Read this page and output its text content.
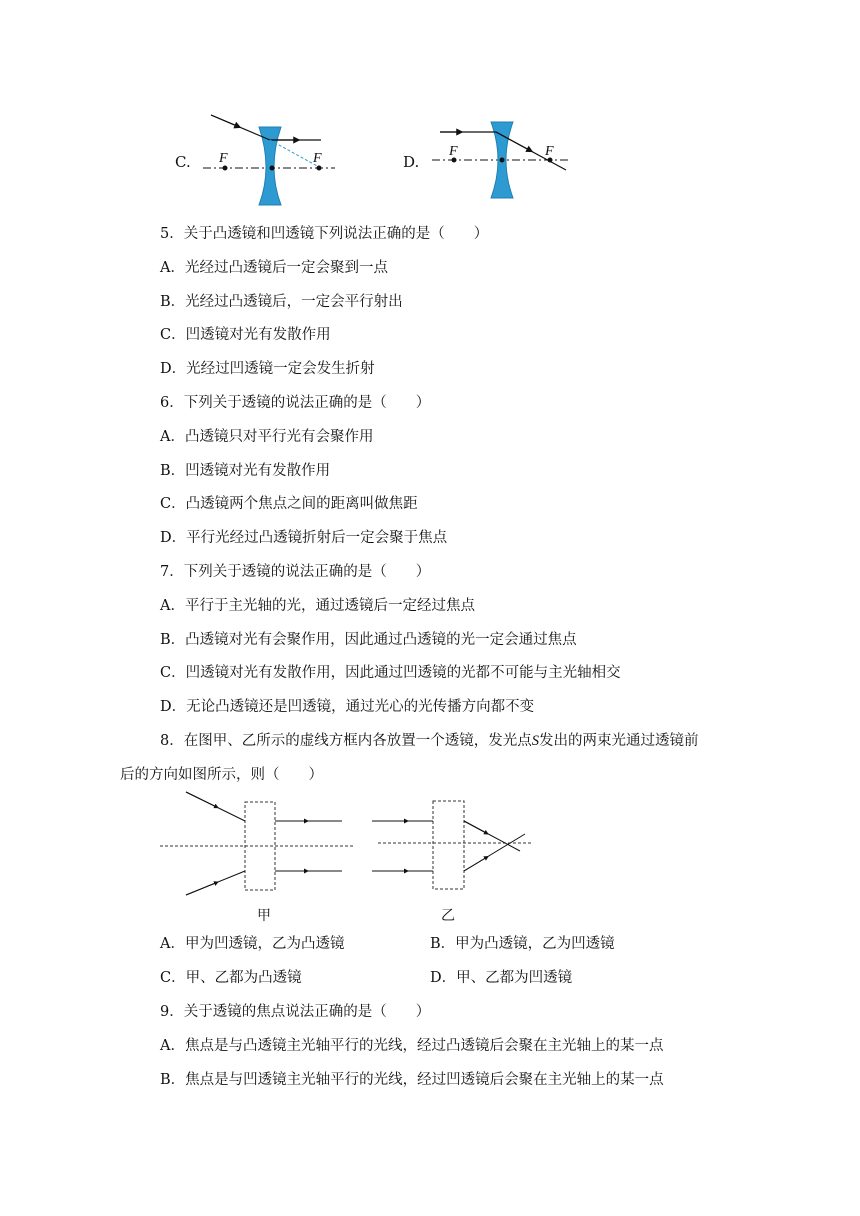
C. F	F	D.
F	F
5．关于凸透镜和凹透镜下列说法正确的是（　　）
A．光经过凸透镜后一定会聚到一点
B．光经过凸透镜后，一定会平行射出
C．凹透镜对光有发散作用
D．光经过凹透镜一定会发生折射
6．下列关于透镜的说法正确的是（　　）
A．凸透镜只对平行光有会聚作用
B．凹透镜对光有发散作用
C．凸透镜两个焦点之间的距离叫做焦距
D．平行光经过凸透镜折射后一定会聚于焦点
7．下列关于透镜的说法正确的是（　　）
A．平行于主光轴的光，通过透镜后一定经过焦点
B．凸透镜对光有会聚作用，因此通过凸透镜的光一定会通过焦点
C．凹透镜对光有发散作用，因此通过凹透镜的光都不可能与主光轴相交
D．无论凸透镜还是凹透镜，通过光心的光传播方向都不变
8．在图甲、乙所示的虚线方框内各放置一个透镜，发光点S发出的两束光通过透镜前
后的方向如图所示，则（　　）
甲	乙
A．甲为凹透镜，乙为凸透镜	B．甲为凸透镜，乙为凹透镜
C．甲、乙都为凸透镜	D．甲、乙都为凹透镜
9．关于透镜的焦点说法正确的是（　　）
A．焦点是与凸透镜主光轴平行的光线，经过凸透镜后会聚在主光轴上的某一点
B．焦点是与凹透镜主光轴平行的光线，经过凹透镜后会聚在主光轴上的某一点
